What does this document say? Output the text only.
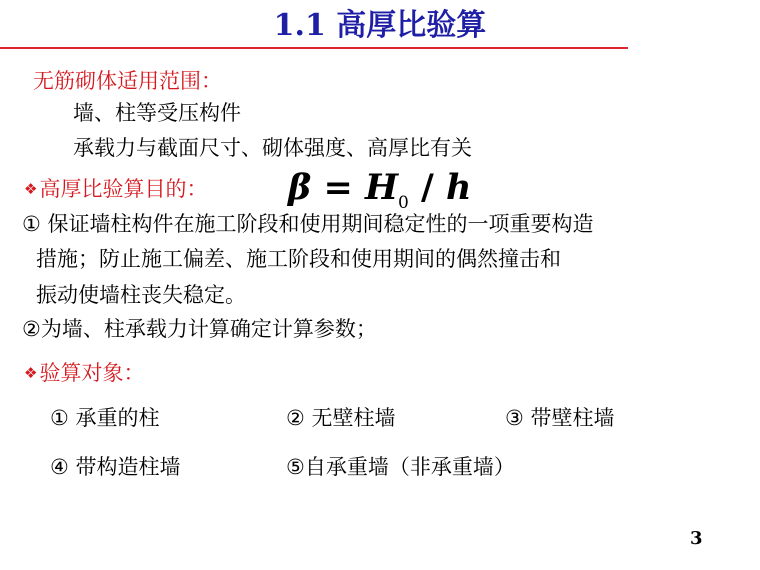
1.1 高厚比验算
无筋砌体适用范围：
墙、柱等受压构件
承载力与截面尺寸、砌体强度、高厚比有关
❖高厚比验算目的： $\beta = H_0 / h$
① 保证墙柱构件在施工阶段和使用期间稳定性的一项重要构造
措施；防止施工偏差、施工阶段和使用期间的偶然撞击和
振动使墙柱丧失稳定。
②为墙、柱承载力计算确定计算参数；
❖验算对象：
① 承重的柱	② 无壁柱墙	③ 带壁柱墙
④ 带构造柱墙	⑤自承重墙（非承重墙）
3
